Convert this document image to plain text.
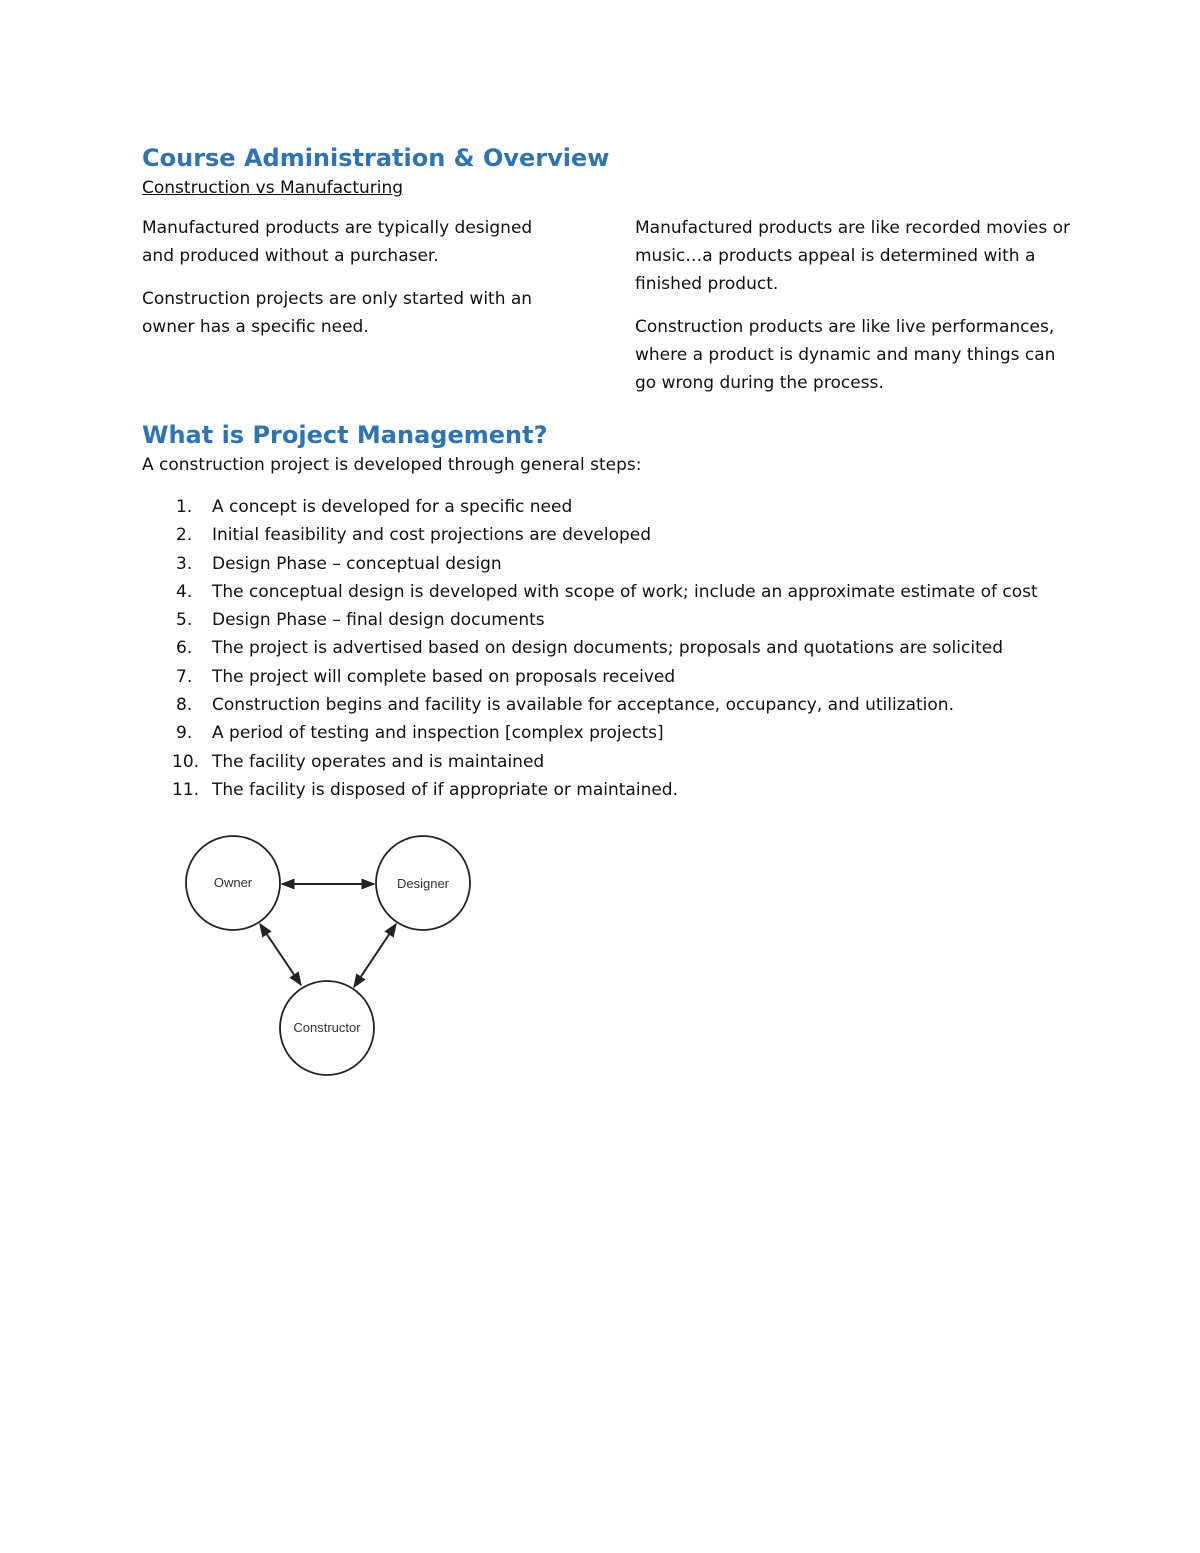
Course Administration & Overview
Construction vs Manufacturing

Manufactured products are typically designed and produced without a purchaser.

Construction projects are only started with an owner has a specific need.

Manufactured products are like recorded movies or music…a products appeal is determined with a finished product.

Construction products are like live performances, where a product is dynamic and many things can go wrong during the process.

What is Project Management?
A construction project is developed through general steps:
1.	A concept is developed for a specific need
2.	Initial feasibility and cost projections are developed
3.	Design Phase – conceptual design
4.	The conceptual design is developed with scope of work; include an approximate estimate of cost
5.	Design Phase – final design documents
6.	The project is advertised based on design documents; proposals and quotations are solicited
7.	The project will complete based on proposals received
8.	Construction begins and facility is available for acceptance, occupancy, and utilization.
9.	A period of testing and inspection [complex projects]
10. The facility operates and is maintained
11. The facility is disposed of if appropriate or maintained.
Owner	Designer
Constructor
